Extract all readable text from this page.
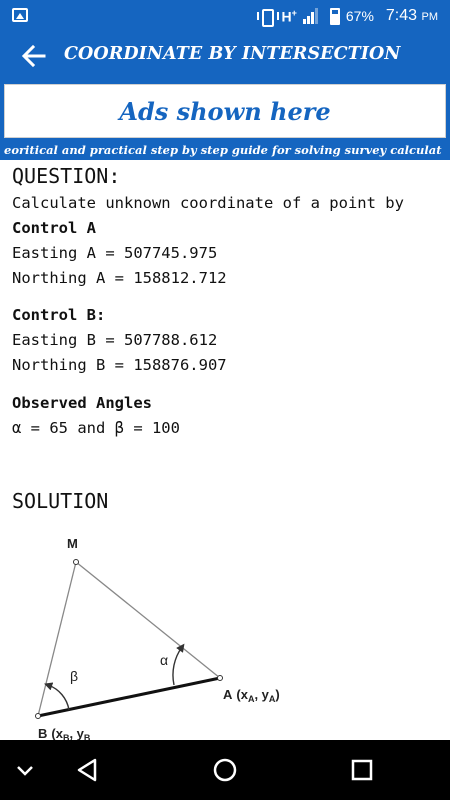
H+	67% 7:43 PM
COORDINATE BY INTERSECTION
Ads shown here
eoritical and practical step by step guide for solving survey calculat
QUESTION:
Calculate unknown coordinate of a point by
Control A
Easting A = 507745.975
Northing A = 158812.712
Control B:
Easting B = 507788.612
Northing B = 158876.907
Observed Angles
α = 65 and β = 100
SOLUTION
M
α
β
A ($x_A$, $y_A$)
B ($x_B$, $y_B$
